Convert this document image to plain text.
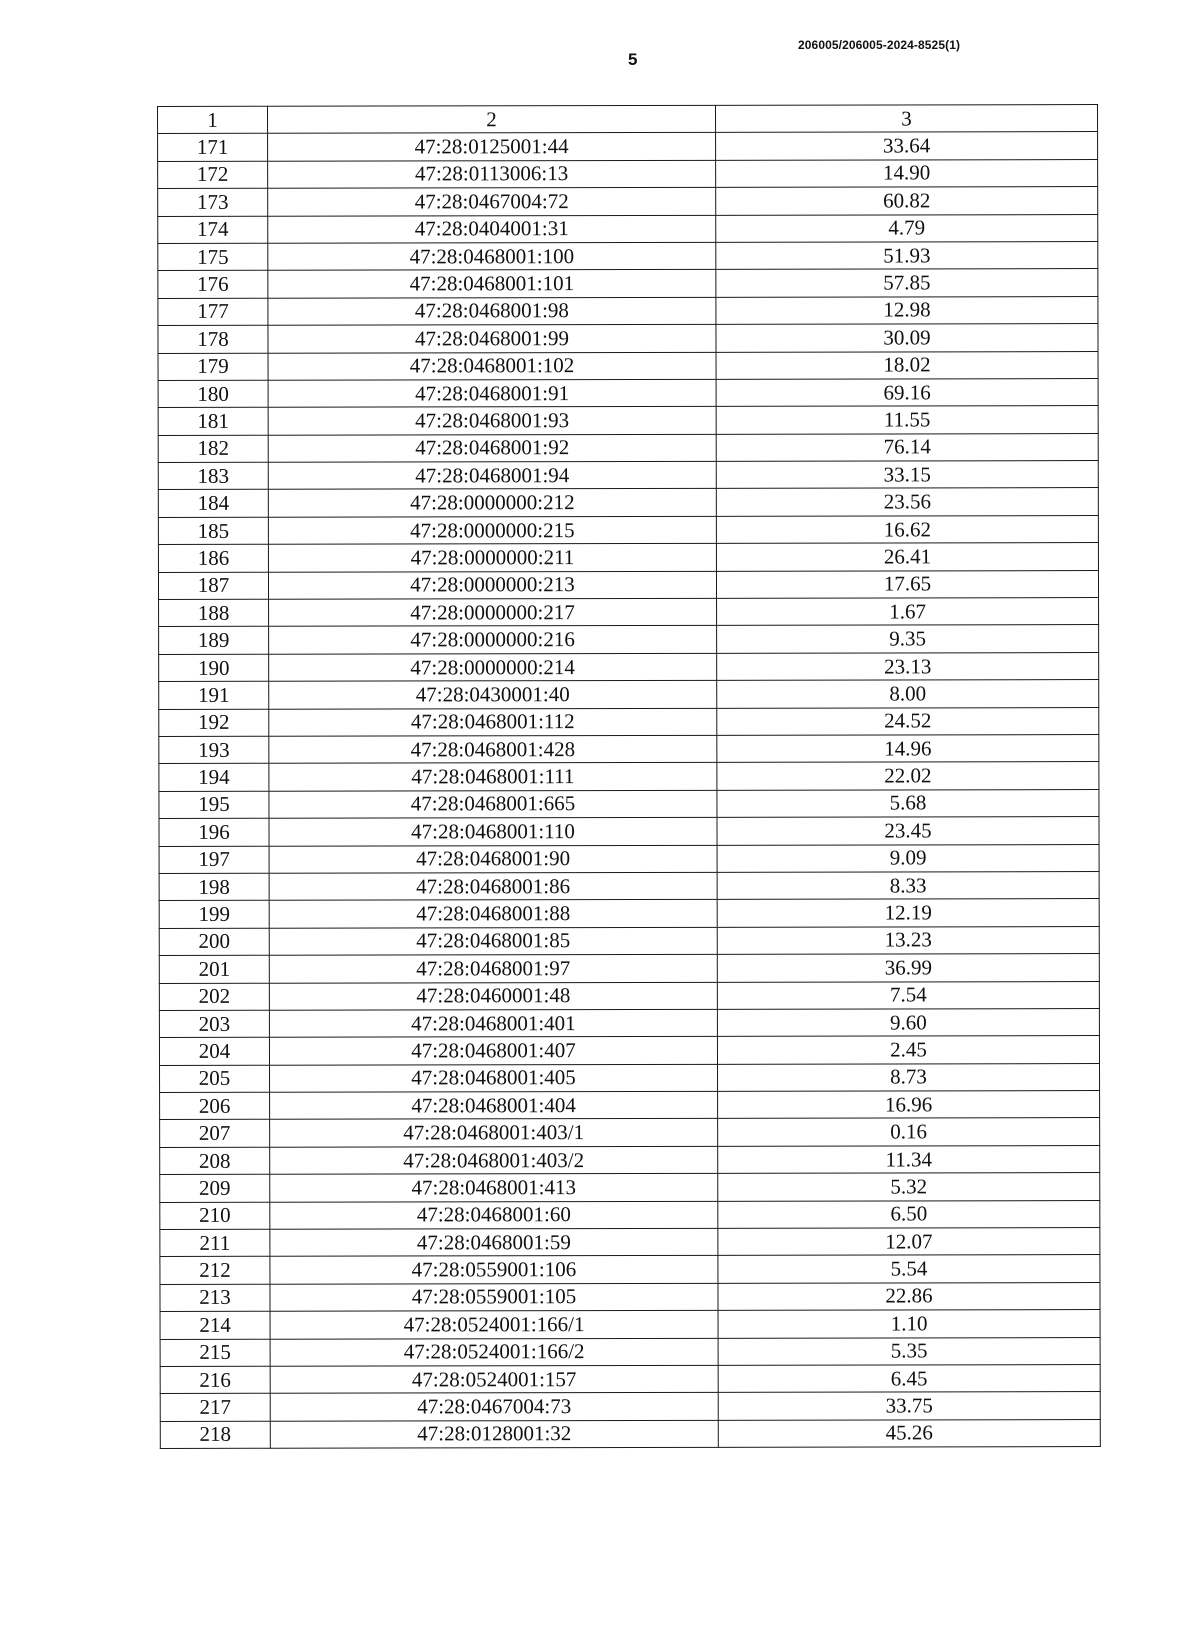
206005/206005-2024-8525(1)
5
1	2	3
171	47:28:0125001:44	33.64
172	47:28:0113006:13	14.90
173	47:28:0467004:72	60.82
174	47:28:0404001:31	4.79
175	47:28:0468001:100	51.93
176	47:28:0468001:101	57.85
177	47:28:0468001:98	12.98
178	47:28:0468001:99	30.09
179	47:28:0468001:102	18.02
180	47:28:0468001:91	69.16
181	47:28:0468001:93	11.55
182	47:28:0468001:92	76.14
183	47:28:0468001:94	33.15
184	47:28:0000000:212	23.56
185	47:28:0000000:215	16.62
186	47:28:0000000:211	26.41
187	47:28:0000000:213	17.65
188	47:28:0000000:217	1.67
189	47:28:0000000:216	9.35
190	47:28:0000000:214	23.13
191	47:28:0430001:40	8.00
192	47:28:0468001:112	24.52
193	47:28:0468001:428	14.96
194	47:28:0468001:111	22.02
195	47:28:0468001:665	5.68
196	47:28:0468001:110	23.45
197	47:28:0468001:90	9.09
198	47:28:0468001:86	8.33
199	47:28:0468001:88	12.19
200	47:28:0468001:85	13.23
201	47:28:0468001:97	36.99
202	47:28:0460001:48	7.54
203	47:28:0468001:401	9.60
204	47:28:0468001:407	2.45
205	47:28:0468001:405	8.73
206	47:28:0468001:404	16.96
207	47:28:0468001:403/1	0.16
208	47:28:0468001:403/2	11.34
209	47:28:0468001:413	5.32
210	47:28:0468001:60	6.50
211	47:28:0468001:59	12.07
212	47:28:0559001:106	5.54
213	47:28:0559001:105	22.86
214	47:28:0524001:166/1	1.10
215	47:28:0524001:166/2	5.35
216	47:28:0524001:157	6.45
217	47:28:0467004:73	33.75
218	47:28:0128001:32	45.26
